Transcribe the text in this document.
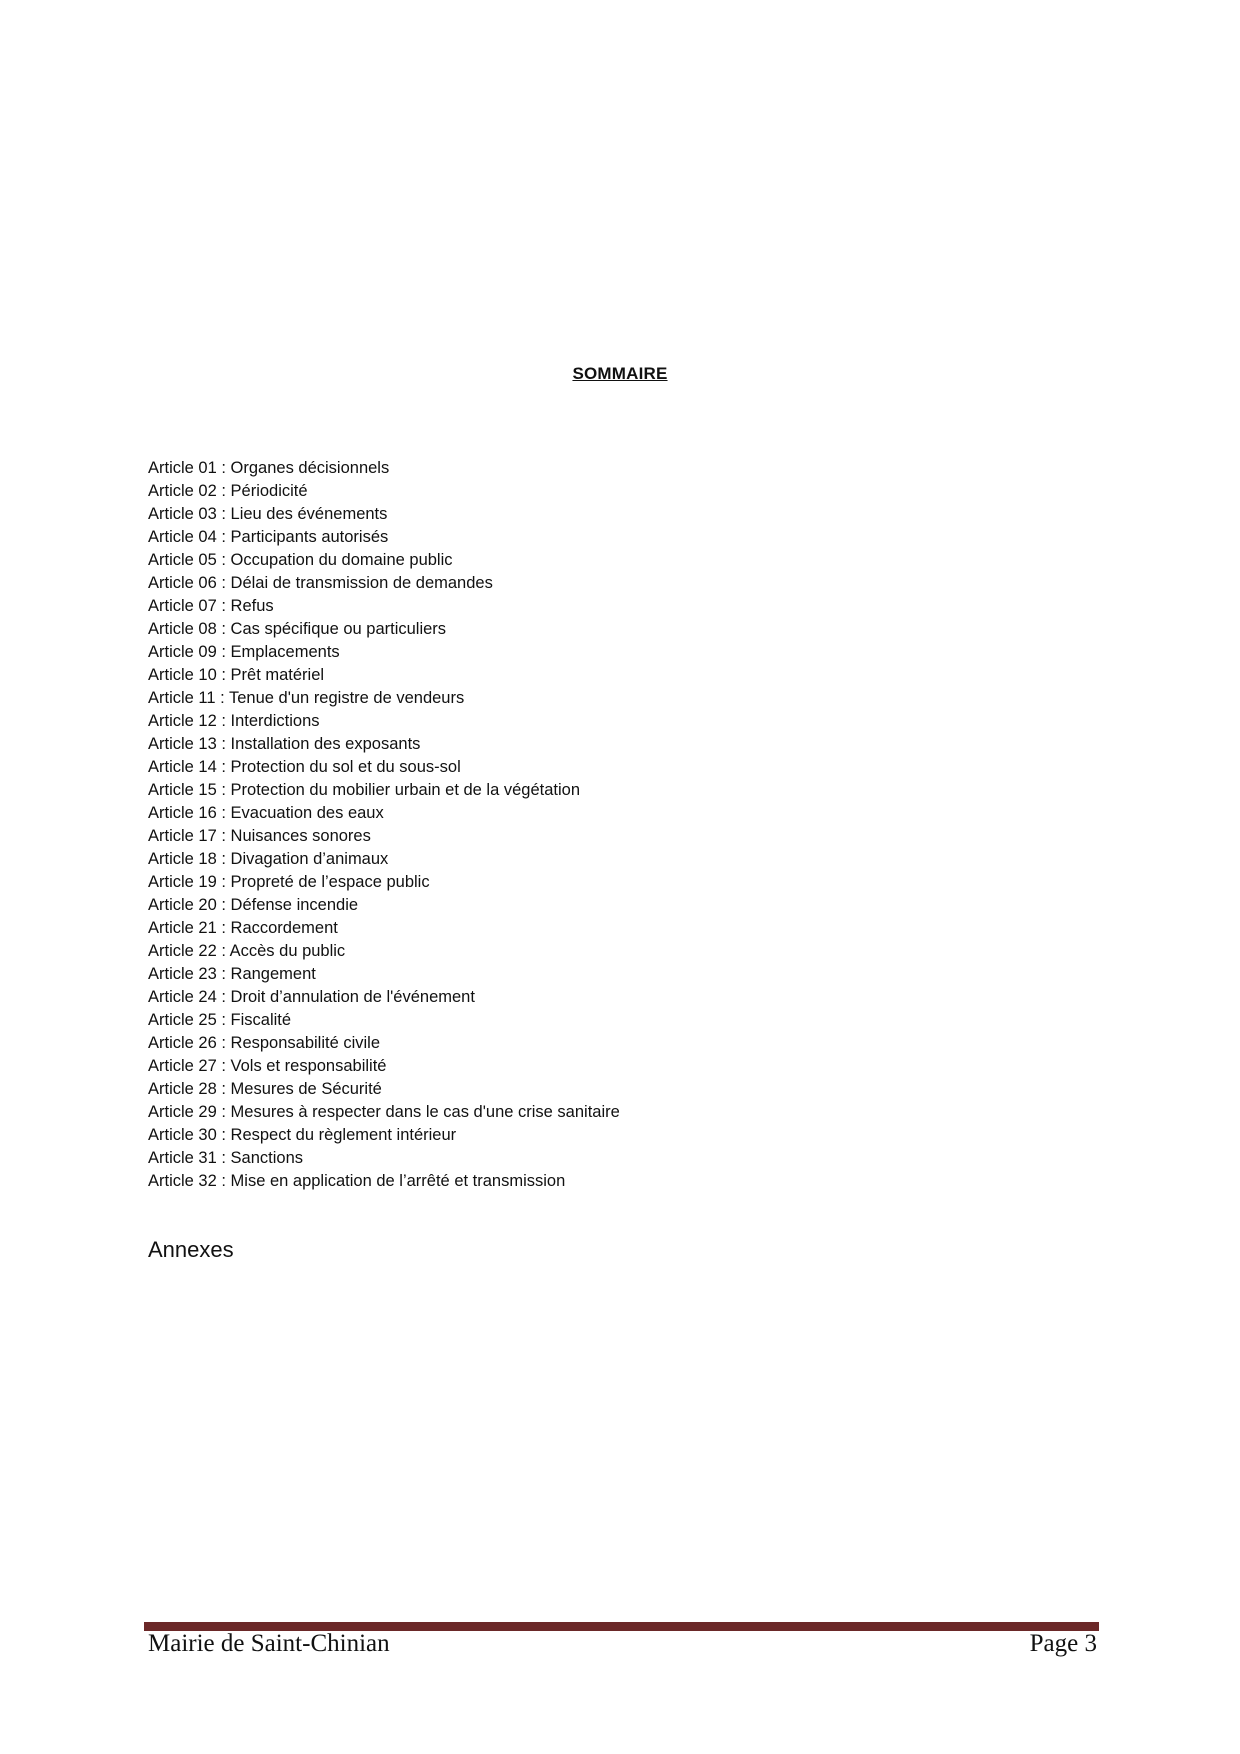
SOMMAIRE
Article 01 : Organes décisionnels
Article 02 : Périodicité
Article 03 : Lieu des événements
Article 04 : Participants autorisés
Article 05 : Occupation du domaine public
Article 06 : Délai de transmission de demandes
Article 07 : Refus
Article 08 : Cas spécifique ou particuliers
Article 09 : Emplacements
Article 10 : Prêt matériel
Article 11 : Tenue d'un registre de vendeurs
Article 12 : Interdictions
Article 13 : Installation des exposants
Article 14 : Protection du sol et du sous-sol
Article 15 : Protection du mobilier urbain et de la végétation
Article 16 : Evacuation des eaux
Article 17 : Nuisances sonores
Article 18 : Divagation d’animaux
Article 19 : Propreté de l’espace public
Article 20 : Défense incendie
Article 21 : Raccordement
Article 22 : Accès du public
Article 23 : Rangement
Article 24 : Droit d’annulation de l'événement
Article 25 : Fiscalité
Article 26 : Responsabilité civile
Article 27 : Vols et responsabilité
Article 28 : Mesures de Sécurité
Article 29 : Mesures à respecter dans le cas d'une crise sanitaire
Article 30 : Respect du règlement intérieur
Article 31 : Sanctions
Article 32 : Mise en application de l’arrêté et transmission
Annexes
Mairie de Saint-Chinian	Page 3
